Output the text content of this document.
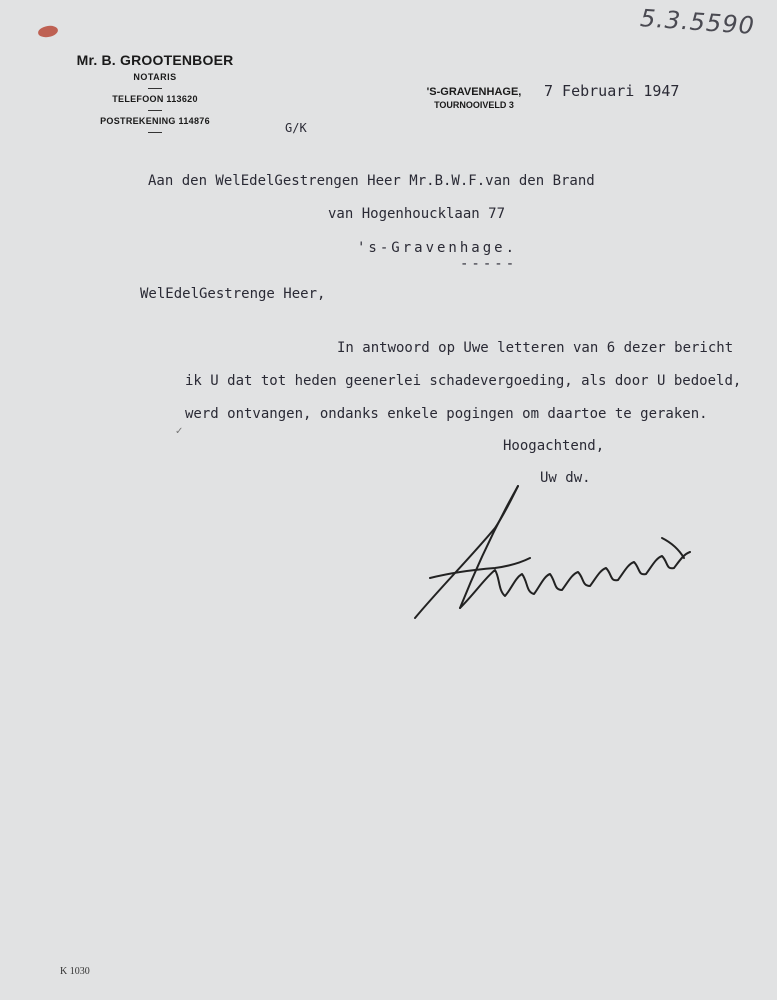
5.3.5590
Mr. B. GROOTENBOER
NOTARIS
TELEFOON 113620
POSTREKENING 114876
'S-GRAVENHAGE,
TOURNOOIVELD 3
7 Februari 1947
G/K
Aan den WelEdelGestrengen Heer Mr.B.W.F.van den Brand
van Hogenhoucklaan 77
's-Gravenhage.
-----
WelEdelGestrenge Heer,
In antwoord op Uwe letteren van 6 dezer bericht
ik U dat tot heden geenerlei schadevergoeding, als door U bedoeld,
werd ontvangen, ondanks enkele pogingen om daartoe te geraken.
✓
Hoogachtend,
Uw dw.
K 1030
